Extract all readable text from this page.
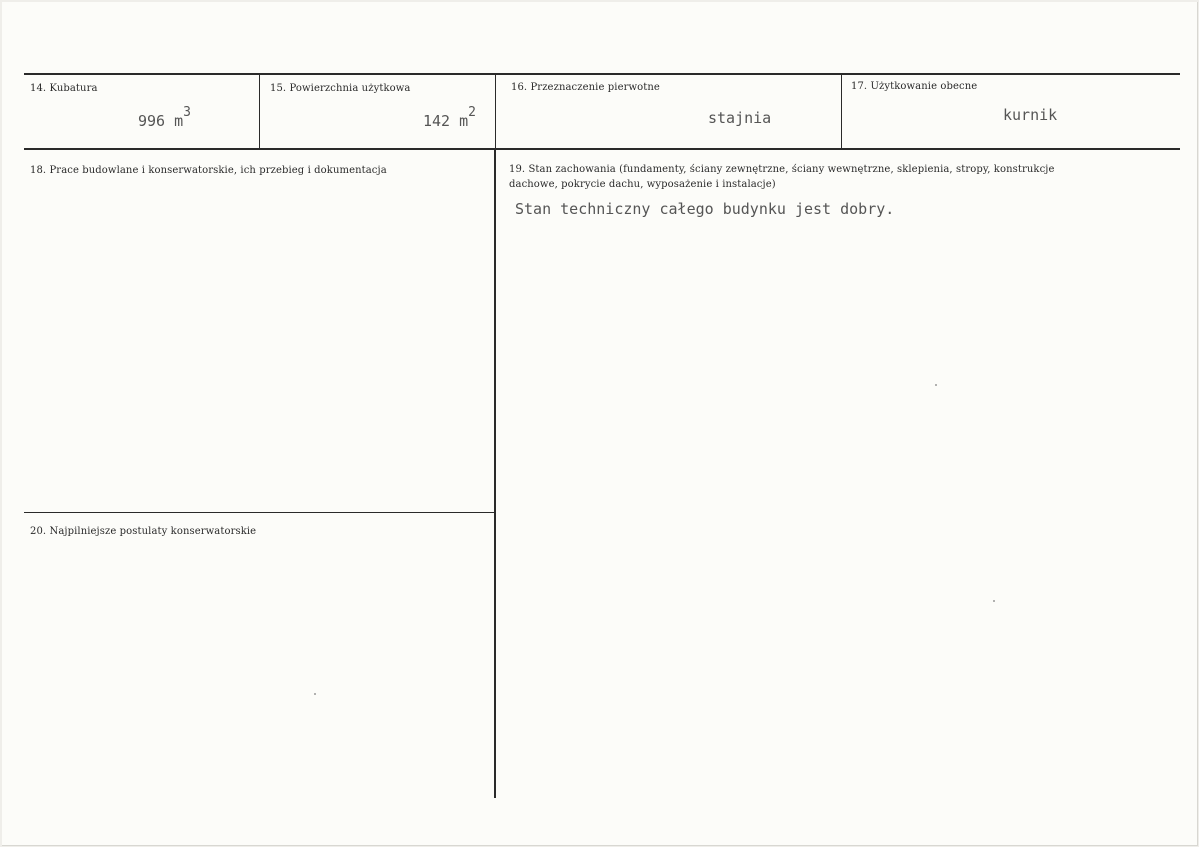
14. Kubatura
996 $m^3$
15. Powierzchnia użytkowa
142 $m^2$
16. Przeznaczenie pierwotne
stajnia
17. Użytkowanie obecne
kurnik
18. Prace budowlane i konserwatorskie, ich przebieg i dokumentacja	19. Stan zachowania (fundamenty, ściany zewnętrzne, ściany wewnętrzne, sklepienia, stropy, konstrukcje dachowe, pokrycie dachu, wyposażenie i instalacje)
Stan techniczny całego budynku jest dobry.
20. Najpilniejsze postulaty konserwatorskie
